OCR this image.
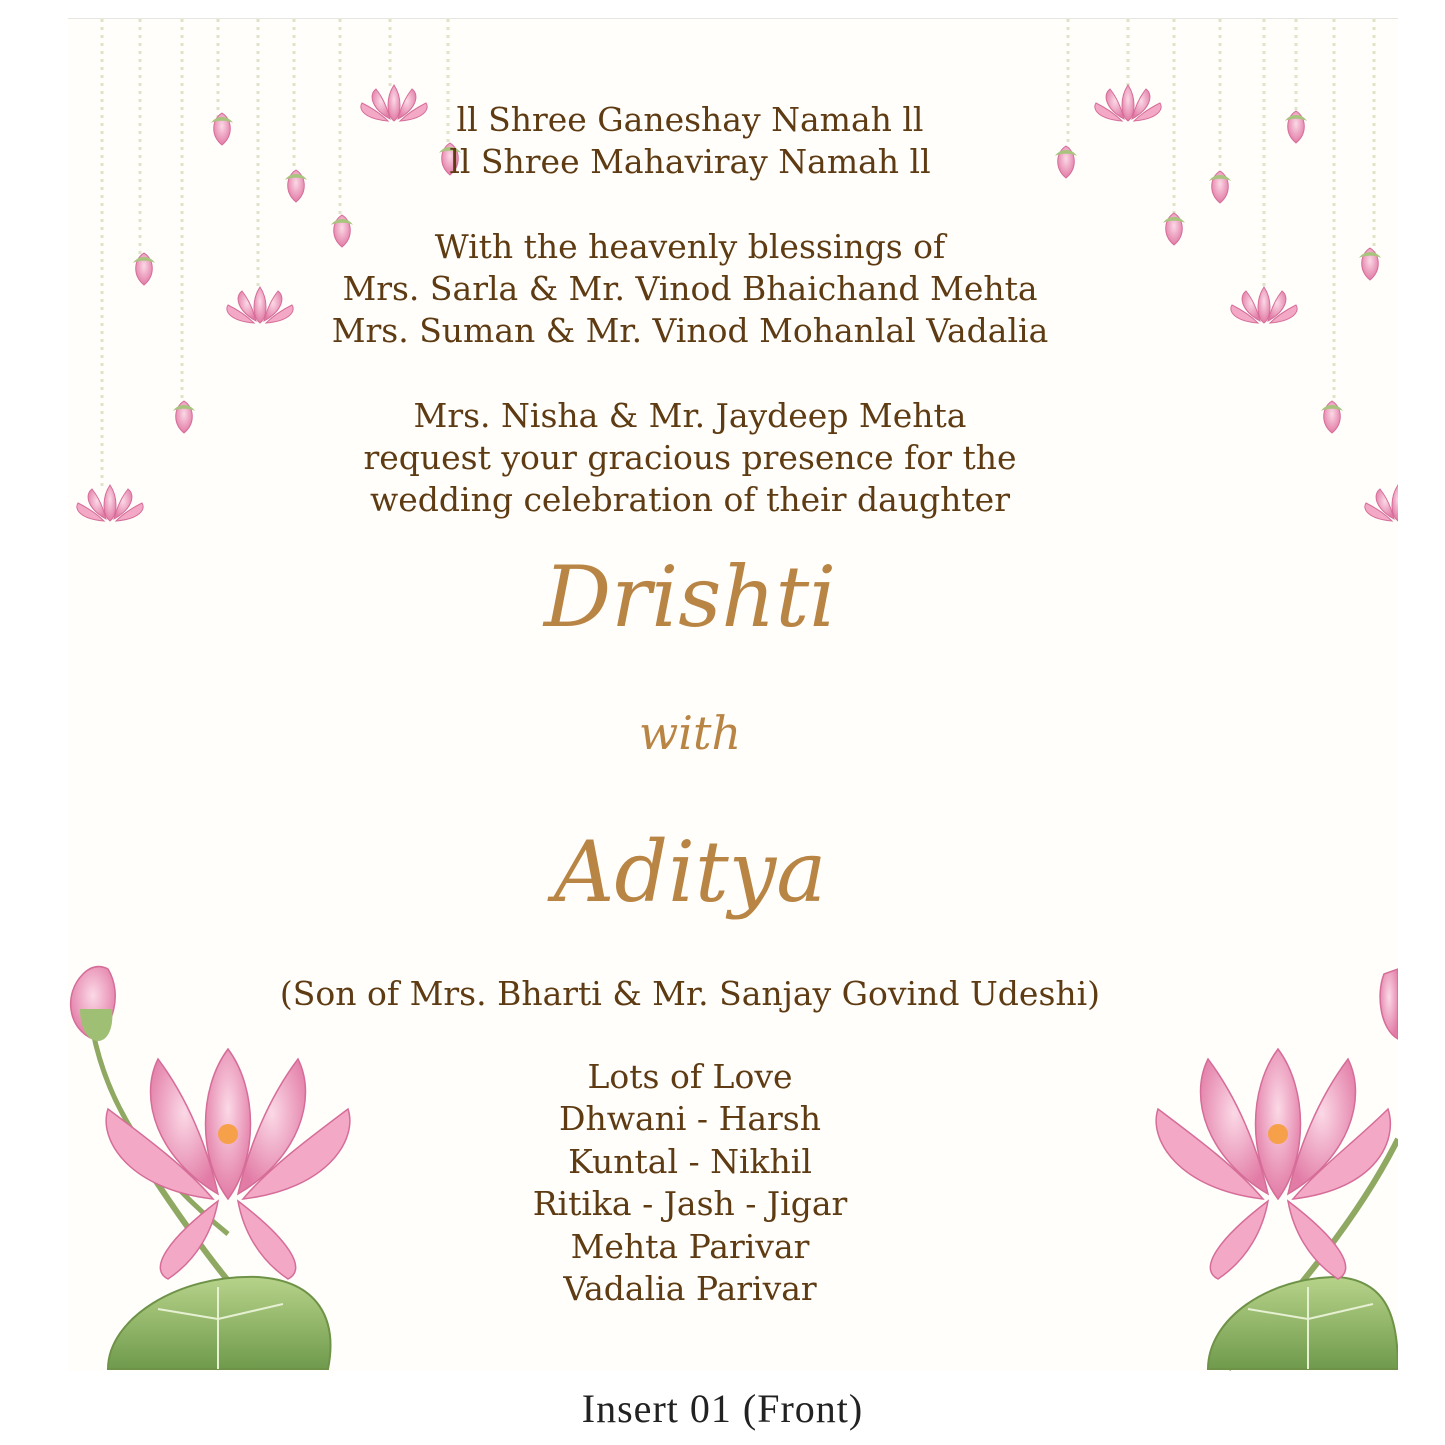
ll Shree Ganeshay Namah ll
ll Shree Mahaviray Namah ll
With the heavenly blessings of
Mrs. Sarla & Mr. Vinod Bhaichand Mehta
Mrs. Suman & Mr. Vinod Mohanlal Vadalia
Mrs. Nisha & Mr. Jaydeep Mehta
request your gracious presence for the
wedding celebration of their daughter
Drishti
with
Aditya
(Son of Mrs. Bharti & Mr. Sanjay Govind Udeshi)
Lots of Love
Dhwani - Harsh
Kuntal - Nikhil
Ritika - Jash - Jigar
Mehta Parivar
Vadalia Parivar
Insert 01 (Front)
